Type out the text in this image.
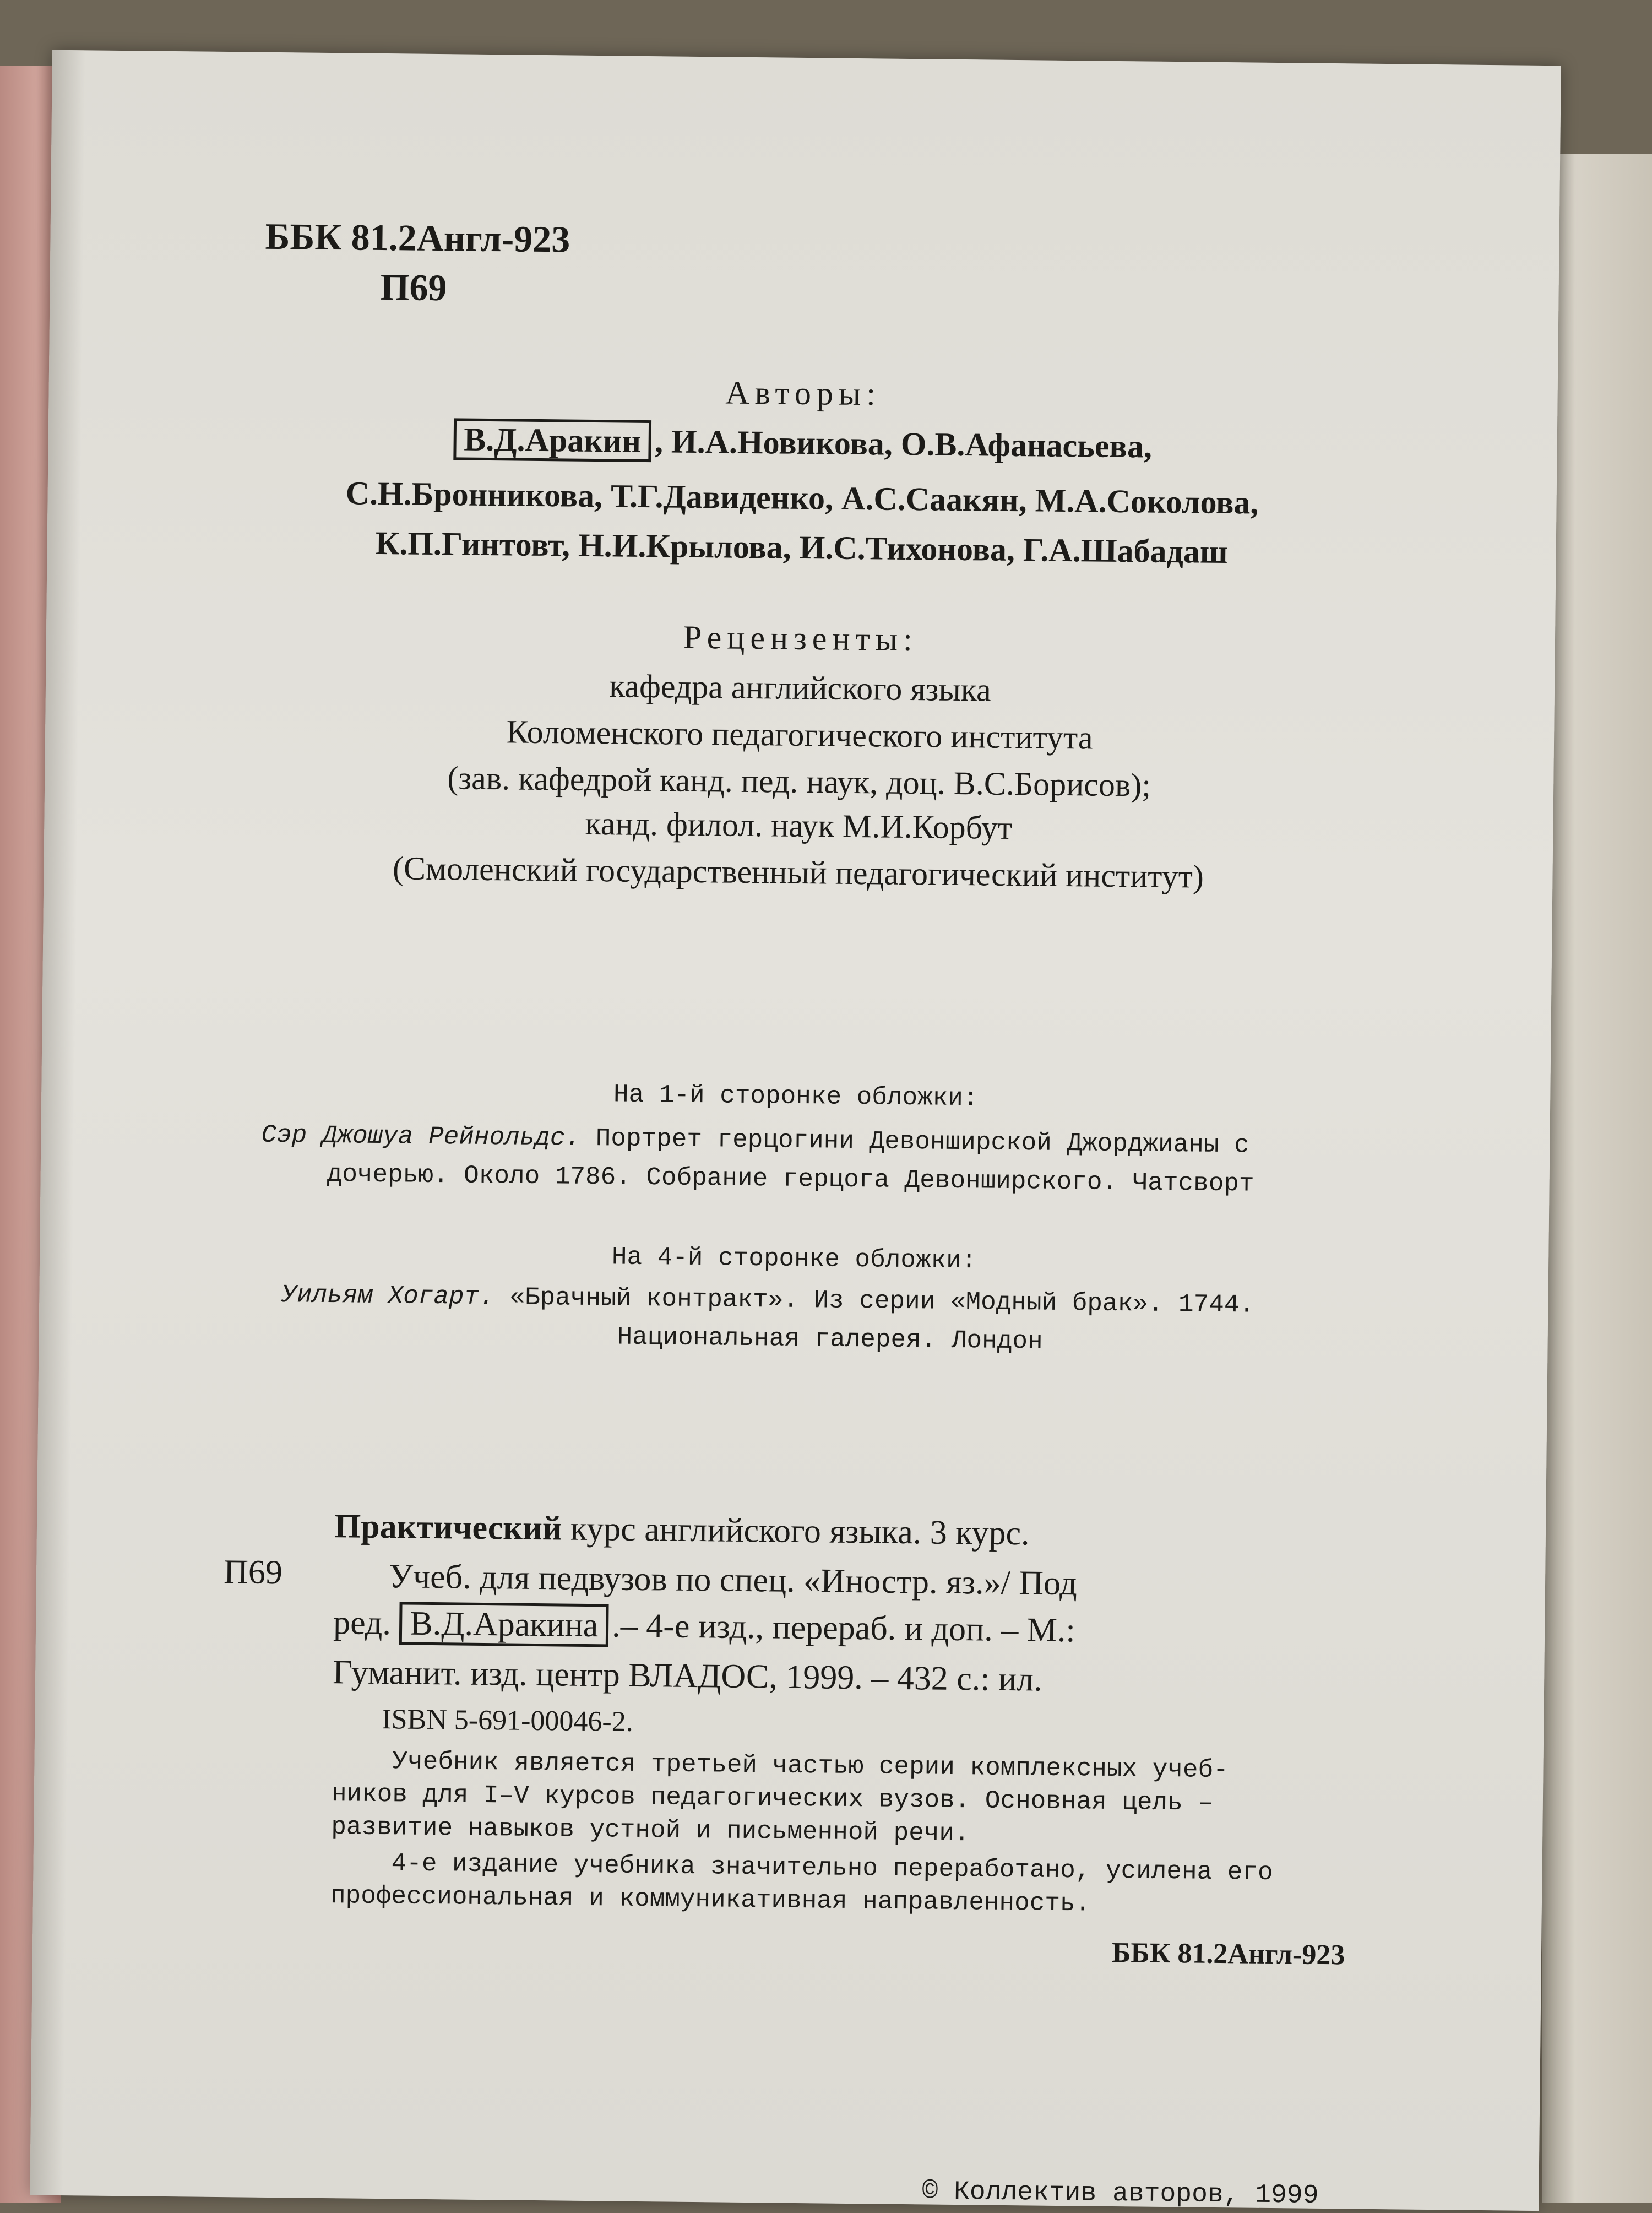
ББК 81.2Англ-923
П69
Авторы:
В.Д.Аракин , И.А.Новикова, О.В.Афанасьева,
С.Н.Бронникова, Т.Г.Давиденко, А.С.Саакян, М.А.Соколова,
К.П.Гинтовт, Н.И.Крылова, И.С.Тихонова, Г.А.Шабадаш
Рецензенты:
кафедра английского языка
Коломенского педагогического института
(зав. кафедрой канд. пед. наук, доц. В.С.Борисов);
канд. филол. наук М.И.Корбут
(Смоленский государственный педагогический институт)
На 1-й сторонке обложки:
Сэр Джошуа Рейнольдс. Портрет герцогини Девонширской Джорджианы с
дочерью. Около 1786. Собрание герцога Девонширского. Чатсворт
На 4-й сторонке обложки:
Уильям Хогарт. «Брачный контракт». Из серии «Модный брак». 1744.
Национальная галерея. Лондон
Практический курс английского языка. 3 курс.
П69	Учеб. для педвузов по спец. «Иностр. яз.»/ Под
ред. В.Д.Аракина .– 4-е изд., перераб. и доп. – М.:
Гуманит. изд. центр ВЛАДОС, 1999. – 432 с.: ил.
ISBN 5-691-00046-2.
Учебник является третьей частью серии комплексных учеб-
ников для I–V курсов педагогических вузов. Основная цель –
развитие навыков устной и письменной речи.
4-е издание учебника значительно переработано, усилена его
профессиональная и коммуникативная направленность.
ББК 81.2Англ-923
© Коллектив авторов, 1999
